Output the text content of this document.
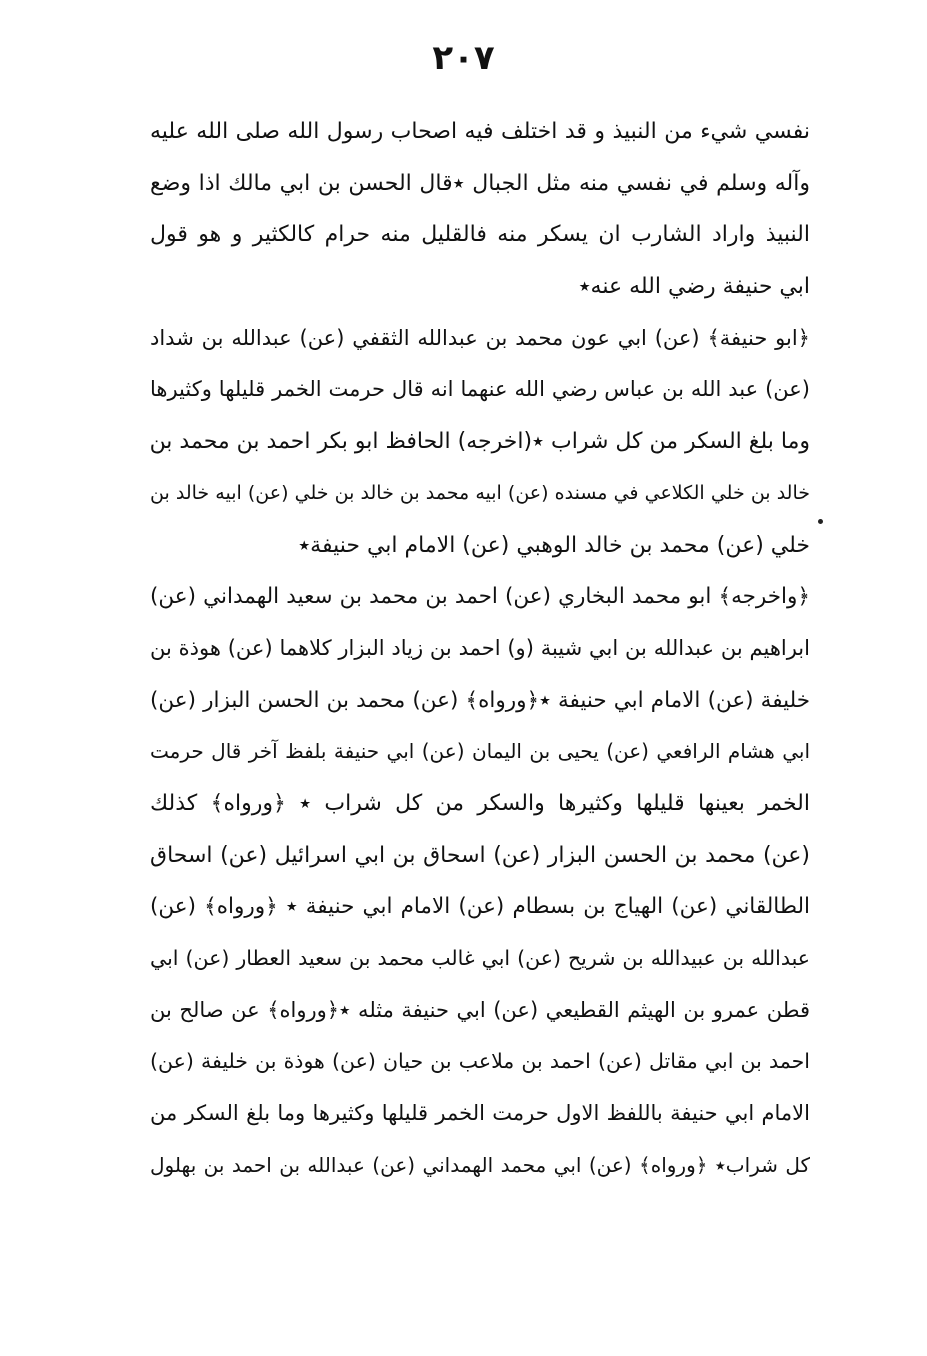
٢٠٧
نفسي شيء من النبيذ و قد اختلف فيه اصحاب رسول الله صلى الله عليه
وآله وسلم في نفسي منه مثل الجبال ٭قال الحسن بن ابي مالك اذا وضع
النبيذ واراد الشارب ان يسكر منه فالقليل منه حرام كالكثير و هو قول
ابي حنيفة رضي الله عنه٭
﴿ابو حنيفة﴾ (عن) ابي عون محمد بن عبدالله الثقفي (عن) عبدالله بن شداد
(عن) عبد الله بن عباس رضي الله عنهما انه قال حرمت الخمر قليلها وكثيرها
وما بلغ السكر من كل شراب ٭(اخرجه) الحافظ ابو بكر احمد بن محمد بن
خالد بن خلي الكلاعي في مسنده (عن) ابيه محمد بن خالد بن خلي (عن) ابيه خالد بن
خلي (عن) محمد بن خالد الوهبي (عن) الامام ابي حنيفة٭
﴿واخرجه﴾ ابو محمد البخاري (عن) احمد بن محمد بن سعيد الهمداني (عن)
ابراهيم بن عبدالله بن ابي شيبة (و) احمد بن زياد البزار كلاهما (عن) هوذة بن
خليفة (عن) الامام ابي حنيفة ٭﴿ورواه﴾ (عن) محمد بن الحسن البزار (عن)
ابي هشام الرافعي (عن) يحيى بن اليمان (عن) ابي حنيفة بلفظ آخر قال حرمت
الخمر بعينها قليلها وكثيرها والسكر من كل شراب ٭ ﴿ورواه﴾ كذلك
(عن) محمد بن الحسن البزار (عن) اسحاق بن ابي اسرائيل (عن) اسحاق
الطالقاني (عن) الهياج بن بسطام (عن) الامام ابي حنيفة ٭ ﴿ورواه﴾ (عن)
عبدالله بن عبيدالله بن شريح (عن) ابي غالب محمد بن سعيد العطار (عن) ابي
قطن عمرو بن الهيثم القطيعي (عن) ابي حنيفة مثله ٭﴿ورواه﴾ عن صالح بن
احمد بن ابي مقاتل (عن) احمد بن ملاعب بن حيان (عن) هوذة بن خليفة (عن)
الامام ابي حنيفة باللفظ الاول حرمت الخمر قليلها وكثيرها وما بلغ السكر من
كل شراب٭ ﴿ورواه﴾ (عن) ابي محمد الهمداني (عن) عبدالله بن احمد بن بهلول
